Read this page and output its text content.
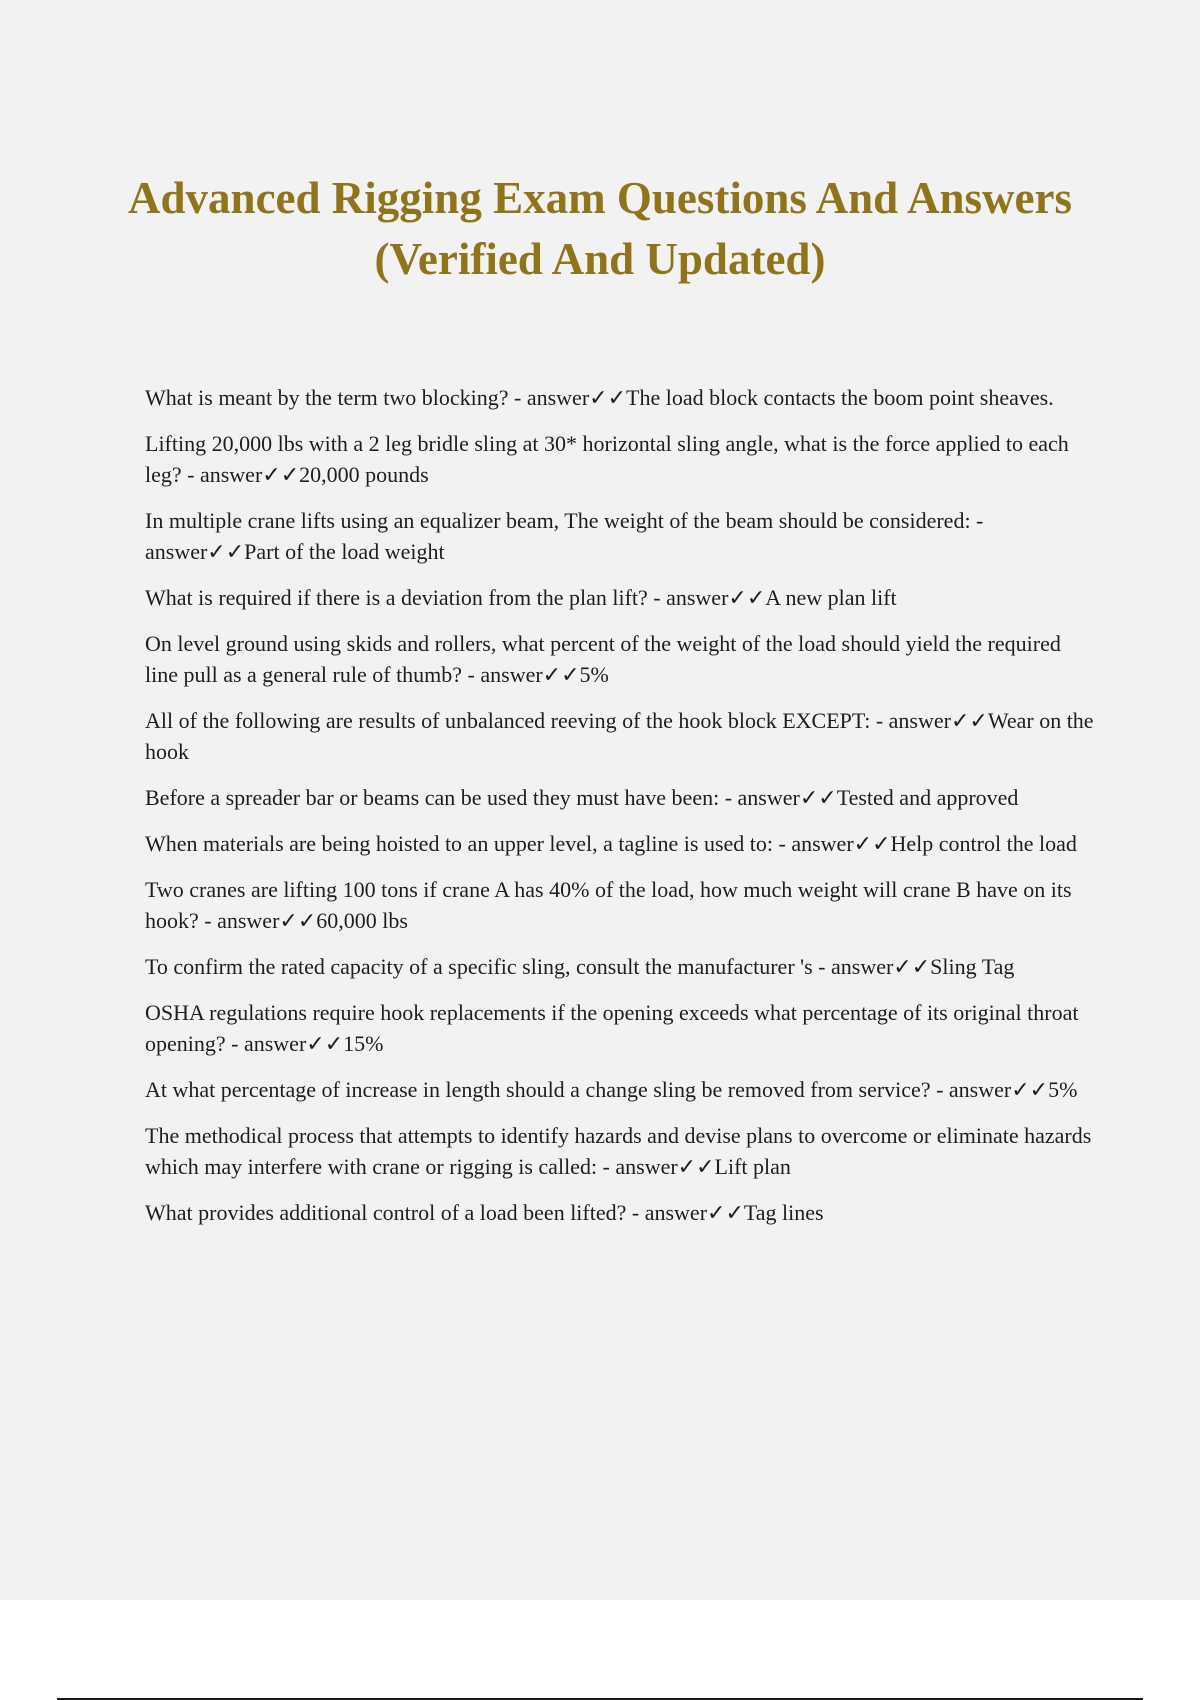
Advanced Rigging Exam Questions And Answers (Verified And Updated)

What is meant by the term two blocking? - answer✓✓The load block contacts the boom point sheaves.

Lifting 20,000 lbs with a 2 leg bridle sling at 30* horizontal sling angle, what is the force applied to each leg? - answer✓✓20,000 pounds

In multiple crane lifts using an equalizer beam, The weight of the beam should be considered: - answer✓✓Part of the load weight

What is required if there is a deviation from the plan lift? - answer✓✓A new plan lift

On level ground using skids and rollers, what percent of the weight of the load should yield the required line pull as a general rule of thumb? - answer✓✓5%

All of the following are results of unbalanced reeving of the hook block EXCEPT: - answer✓✓Wear on the hook

Before a spreader bar or beams can be used they must have been: - answer✓✓Tested and approved

When materials are being hoisted to an upper level, a tagline is used to: - answer✓✓Help control the load

Two cranes are lifting 100 tons if crane A has 40% of the load, how much weight will crane B have on its hook? - answer✓✓60,000 lbs

To confirm the rated capacity of a specific sling, consult the manufacturer 's - answer✓✓Sling Tag

OSHA regulations require hook replacements if the opening exceeds what percentage of its original throat opening? - answer✓✓15%

At what percentage of increase in length should a change sling be removed from service? - answer✓✓5%

The methodical process that attempts to identify hazards and devise plans to overcome or eliminate hazards which may interfere with crane or rigging is called: - answer✓✓Lift plan

What provides additional control of a load been lifted? - answer✓✓Tag lines
